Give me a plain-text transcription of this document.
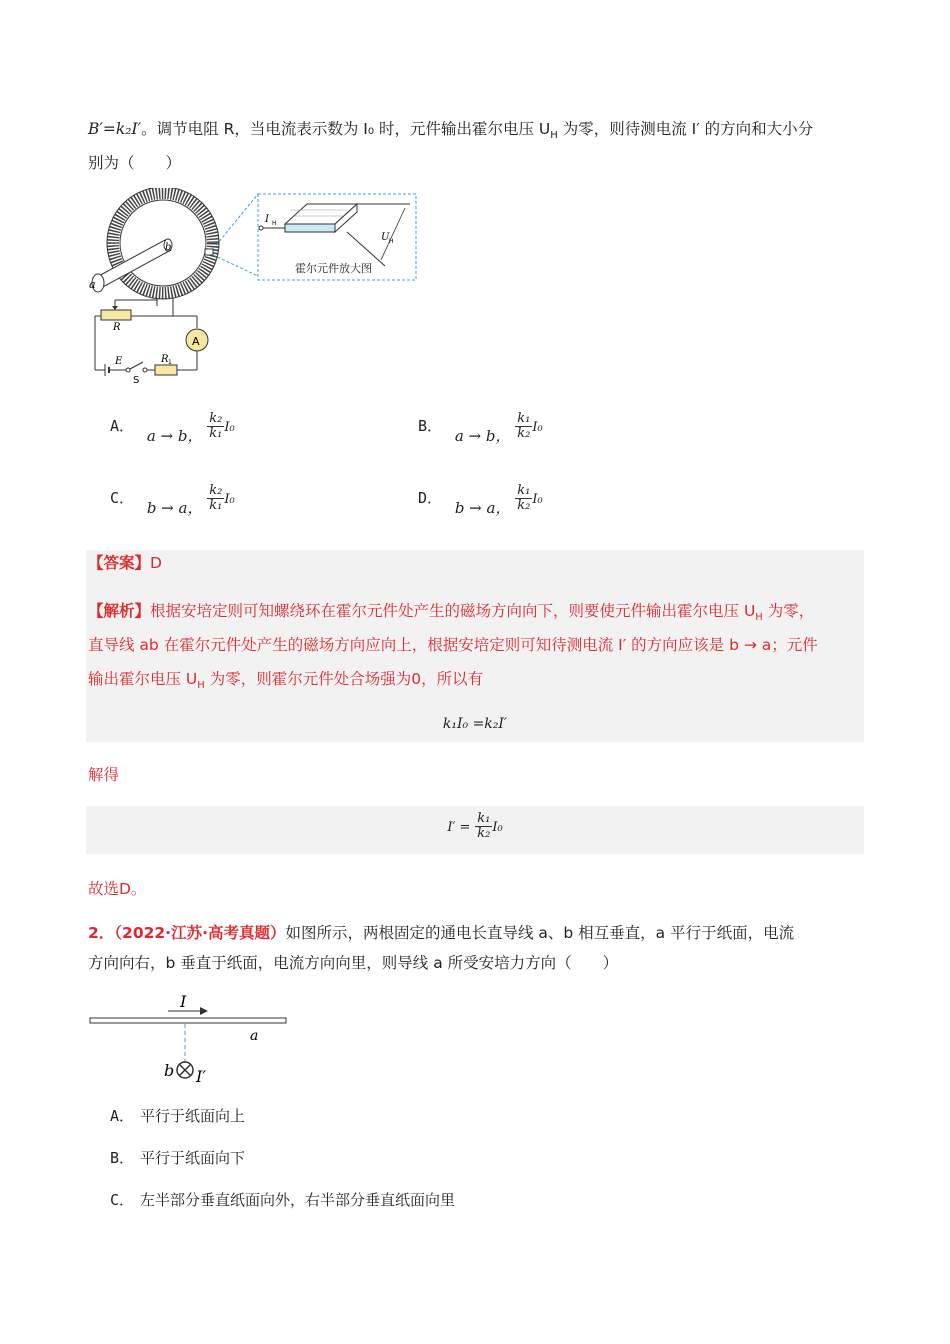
B′=k₂I′。调节电阻 R，当电流表示数为 I₀ 时，元件输出霍尔电压 $U_H$ 为零，则待测电流 I′ 的方向和大小分
别为（　　）
a
b
I H
U H
霍尔元件放大图
R
A
E
S
R 1
A． a → b， $\frac{\text{k₂}}{\text{k₁}} I_0$	B． a → b， $\frac{\text{k₁}}{\text{k₂}} I_0$
C． b → a， $\frac{\text{k₂}}{\text{k₁}} I_0$	D． b → a， $\frac{\text{k₁}}{\text{k₂}} I_0$
【答案】D
【解析】根据安培定则可知螺绕环在霍尔元件处产生的磁场方向向下，则要使元件输出霍尔电压 $U_H$ 为零，
直导线 ab 在霍尔元件处产生的磁场方向应向上，根据安培定则可知待测电流 I′ 的方向应该是 b → a；元件
输出霍尔电压 $U_H$ 为零，则霍尔元件处合场强为0，所以有
k₁I₀ =k₂I′
解得
$I' = \frac{\text{k₁}}{\text{k₂}} I_0$
故选D。
2．（2022·江苏·高考真题）如图所示，两根固定的通电长直导线 a、b 相互垂直，a 平行于纸面，电流
方向向右，b 垂直于纸面，电流方向向里，则导线 a 所受安培力方向（　　）
I
a
b I′
A． 平行于纸面向上
B． 平行于纸面向下
C． 左半部分垂直纸面向外，右半部分垂直纸面向里
